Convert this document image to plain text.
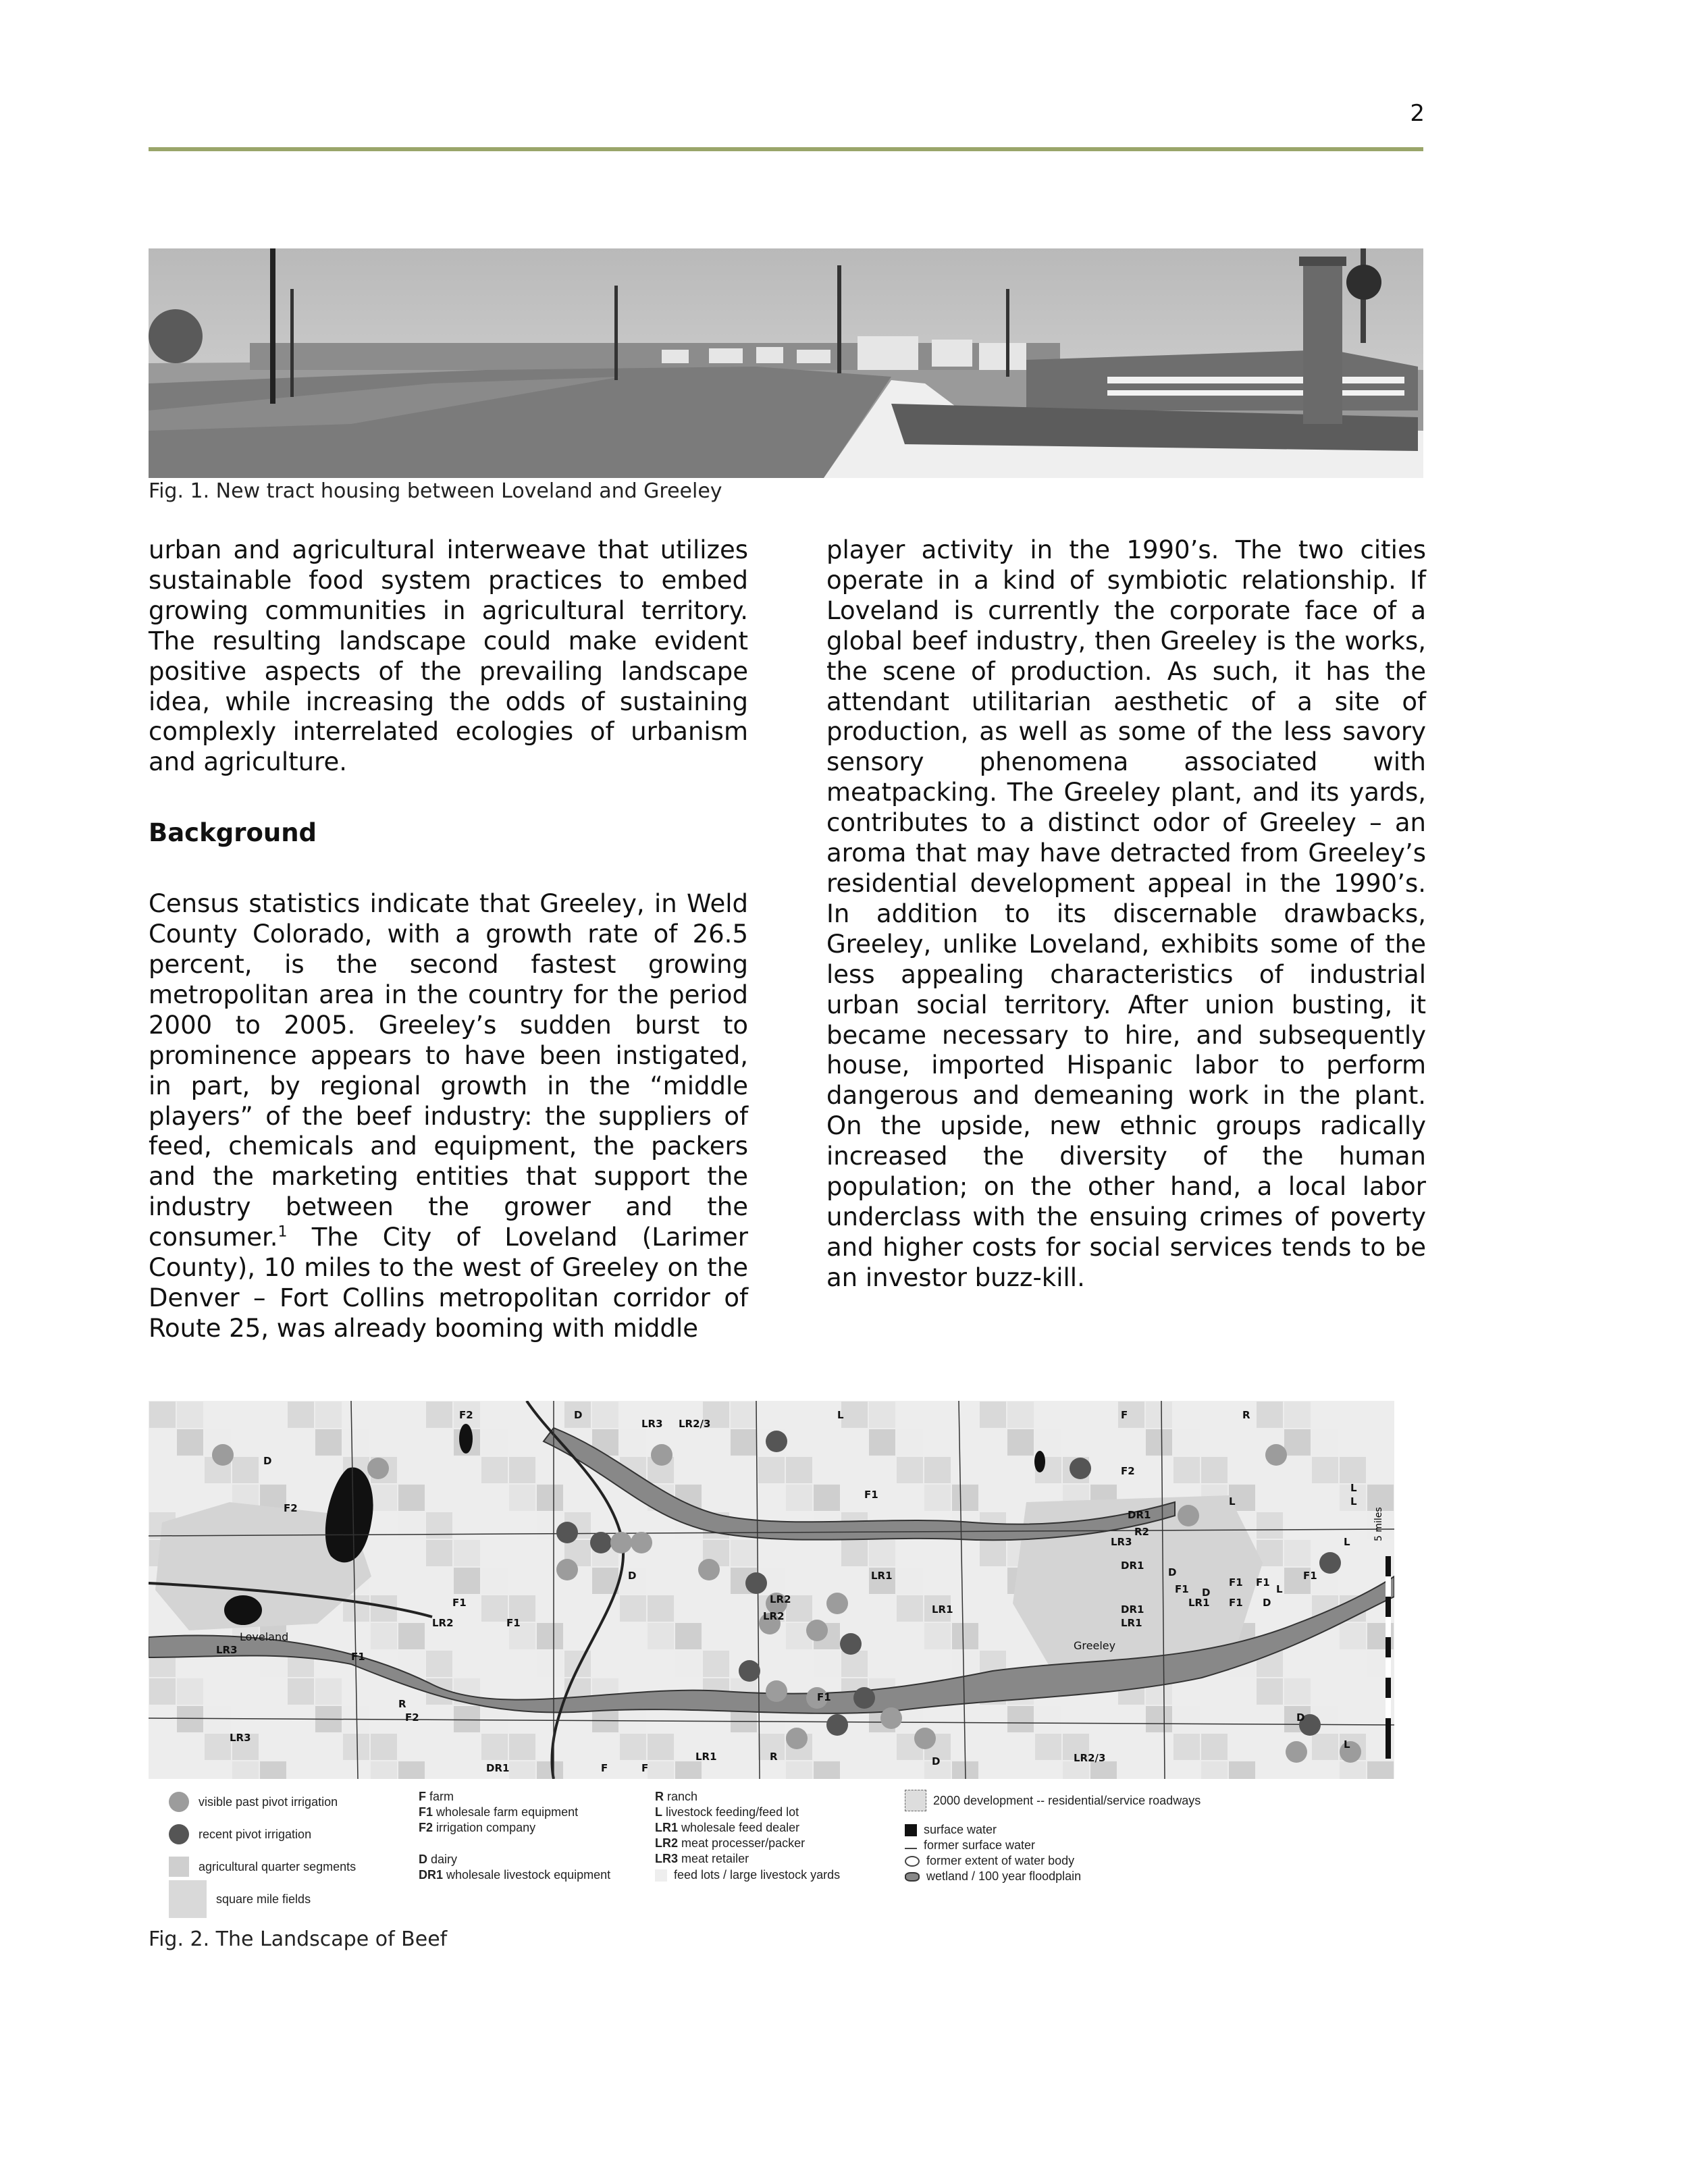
2
Fig. 1. New tract housing between Loveland and Greeley

urban and agricultural interweave that utilizes sustainable food system practices to embed growing communities in agricultural territory. The resulting landscape could make evident positive aspects of the prevailing landscape idea, while increasing the odds of sustaining complexly interrelated ecologies of urbanism and agriculture.

Background

Census statistics indicate that Greeley, in Weld County Colorado, with a growth rate of 26.5 percent, is the second fastest growing metropolitan area in the country for the period 2000 to 2005. Greeley’s sudden burst to prominence appears to have been instigated, in part, by regional growth in the “middle players” of the beef industry: the suppliers of feed, chemicals and equipment, the packers and the marketing entities that support the industry between the grower and the consumer.$^1$ The City of Loveland (Larimer County), 10 miles to the west of Greeley on the Denver – Fort Collins metropolitan corridor of Route 25, was already booming with middle

player activity in the 1990’s. The two cities operate in a kind of symbiotic relationship. If Loveland is currently the corporate face of a global beef industry, then Greeley is the works, the scene of production. As such, it has the attendant utilitarian aesthetic of a site of production, as well as some of the less savory sensory phenomena associated with meatpacking. The Greeley plant, and its yards, contributes to a distinct odor of Greeley – an aroma that may have detracted from Greeley’s residential development appeal in the 1990’s. In addition to its discernable drawbacks, Greeley, unlike Loveland, exhibits some of the less appealing characteristics of industrial urban social territory. After union busting, it became necessary to hire, and subsequently house, imported Hispanic labor to perform dangerous and demeaning work in the plant. On the upside, new ethnic groups radically increased the diversity of the human population; on the other hand, a local labor underclass with the ensuing crimes of poverty and higher costs for social services tends to be an investor buzz-kill.

F2	D
LR3 LR2/3
L	F	R
D
F2
DR1
R2
LR3
F1
D	LR1
LR2
LR1
F1
LR2
LR3
F1
LR2	F1
R
F2
LR3
DR1	F	F
LR1	R	D	LR2/3
F1
D
L
F2
L
DR1
D
F1
LR1
DR1
F1 D
LR1
L
L
F1
F1 F1
D	L
L
Loveland
Greeley
5 miles
visible past pivot irrigation
recent pivot irrigation
agricultural quarter segments
square mile fields
F farm
F1 wholesale farm equipment
F2 irrigation company
D dairy
DR1 wholesale livestock equipment
R ranch
L livestock feeding/feed lot
LR1 wholesale feed dealer
LR2 meat processer/packer
LR3 meat retailer
feed lots / large livestock yards
2000 development -- residential/service roadways
surface water
former surface water
former extent of water body
wetland / 100 year floodplain
Fig. 2. The Landscape of Beef
